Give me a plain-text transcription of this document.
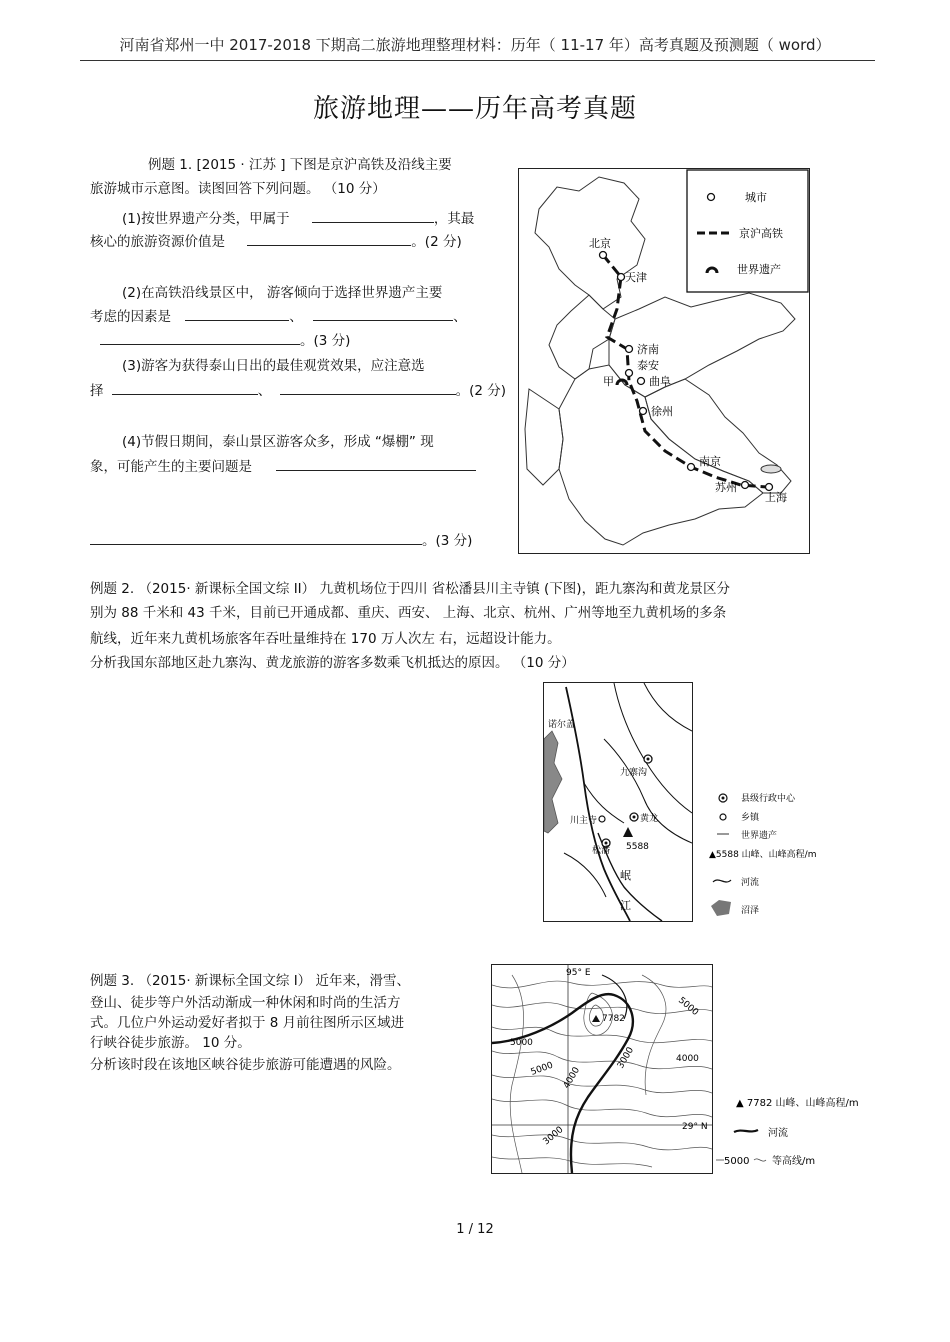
河南省郑州一中 2017-2018 下期高二旅游地理整理材料：历年（ 11-17 年）高考真题及预测题（ word）
旅游地理——历年高考真题
例题 1. [2015 · 江苏 ] 下图是京沪高铁及沿线主要
旅游城市示意图。读图回答下列问题。 （10 分）
(1)按世界遗产分类，甲属于	，其最
核心的旅游资源价值是	。(2 分)
(2)在高铁沿线景区中， 游客倾向于选择世界遗产主要
考虑的因素是	、	、
。(3 分)
(3)游客为获得泰山日出的最佳观赏效果，应注意选
择	、	。(2 分)
(4)节假日期间，泰山景区游客众多，形成 “爆棚” 现
象，可能产生的主要问题是
。(3 分)
北京
天津
济南
泰安
甲	曲阜
徐州
南京
苏州
上海
城市
京沪高铁
世界遗产
例题 2. （2015· 新课标全国文综 II） 九黄机场位于四川 省松潘县川主寺镇 (下图)，距九寨沟和黄龙景区分
别为 88 千米和 43 千米，目前已开通成都、重庆、西安、 上海、北京、杭州、广州等地至九黄机场的多条
航线，近年来九黄机场旅客年吞吐量维持在 170 万人次左 右，远超设计能力。
分析我国东部地区赴九寨沟、黄龙旅游的游客多数乘飞机抵达的原因。 （10 分）
诺尔盖
九寨沟
川主寺	黄龙
松潘 5588
岷
江
县级行政中心
乡镇
世界遗产
▲5588 山峰、山峰高程/m
河流
沼泽
例题 3. （2015· 新课标全国文综 I） 近年来，滑雪、
登山、徒步等户外活动渐成一种休闲和时尚的生活方
式。几位户外运动爱好者拟于 8 月前往图所示区域进
行峡谷徒步旅游。 10 分。
分析该时段在该地区峡谷徒步旅游可能遭遇的风险。
95° E
29° N
7782
5000
5000
5000
4000
4000
3000
3000
▲ 7782 山峰、山峰高程/m
河流
5000 等高线/m
1 / 12
